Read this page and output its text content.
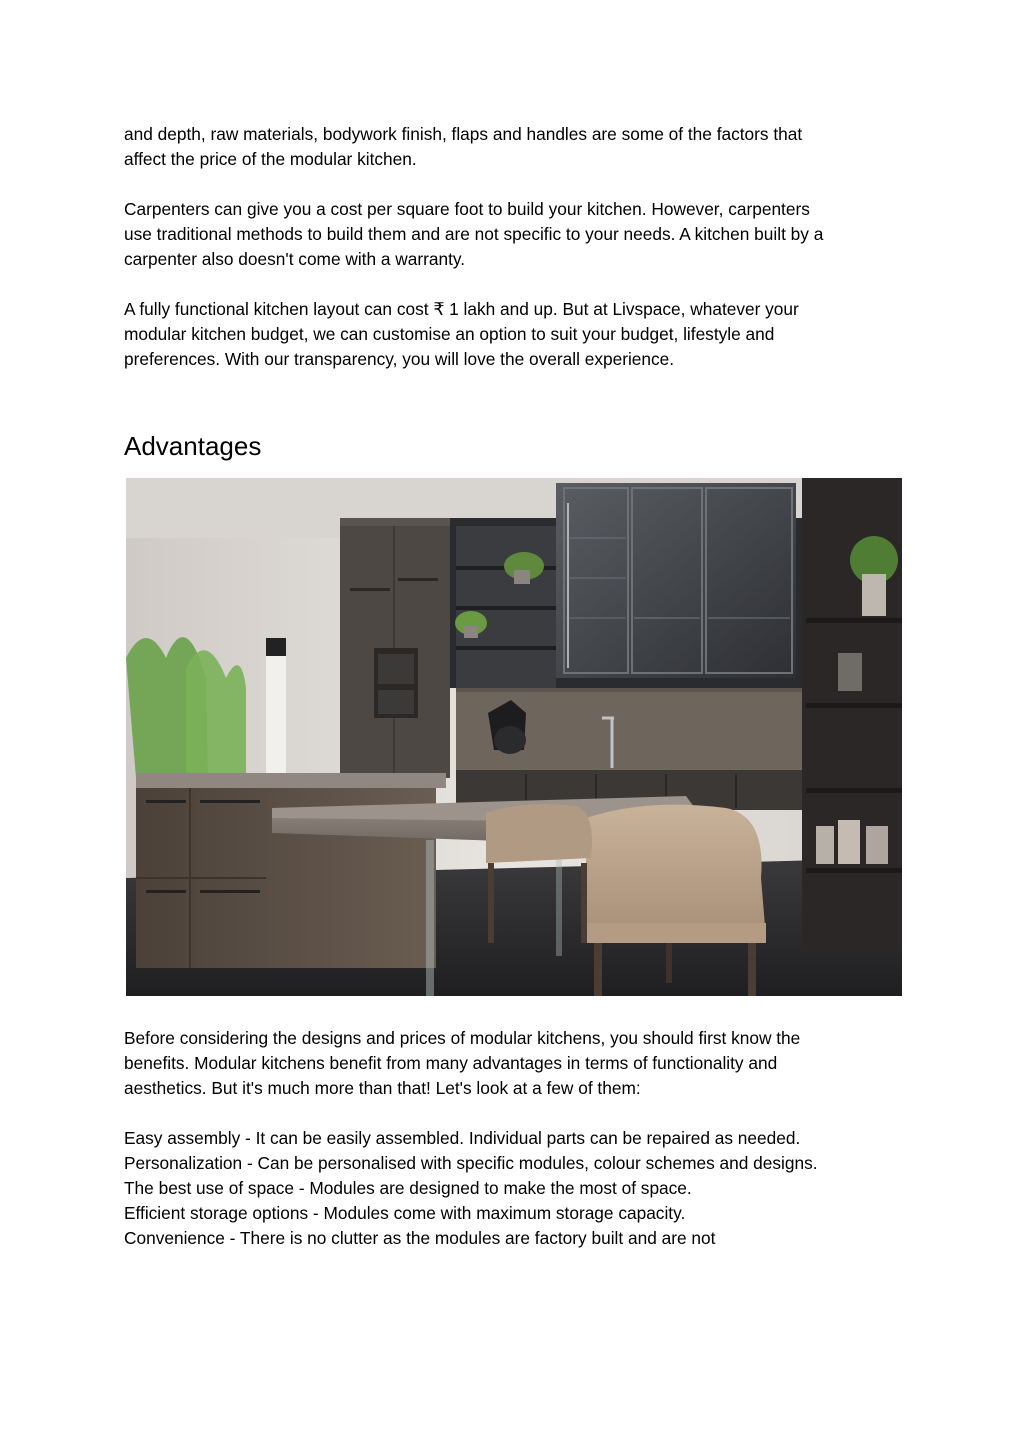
and depth, raw materials, bodywork finish, flaps and handles are some of the factors that
affect the price of the modular kitchen.

Carpenters can give you a cost per square foot to build your kitchen. However, carpenters
use traditional methods to build them and are not specific to your needs. A kitchen built by a
carpenter also doesn't come with a warranty.

A fully functional kitchen layout can cost ₹ 1 lakh and up. But at Livspace, whatever your
modular kitchen budget, we can customise an option to suit your budget, lifestyle and
preferences. With our transparency, you will love the overall experience.

Advantages

Before considering the designs and prices of modular kitchens, you should first know the
benefits. Modular kitchens benefit from many advantages in terms of functionality and
aesthetics. But it's much more than that! Let's look at a few of them:

Easy assembly - It can be easily assembled. Individual parts can be repaired as needed.
Personalization - Can be personalised with specific modules, colour schemes and designs.
The best use of space - Modules are designed to make the most of space.
Efficient storage options - Modules come with maximum storage capacity.
Convenience - There is no clutter as the modules are factory built and are not
